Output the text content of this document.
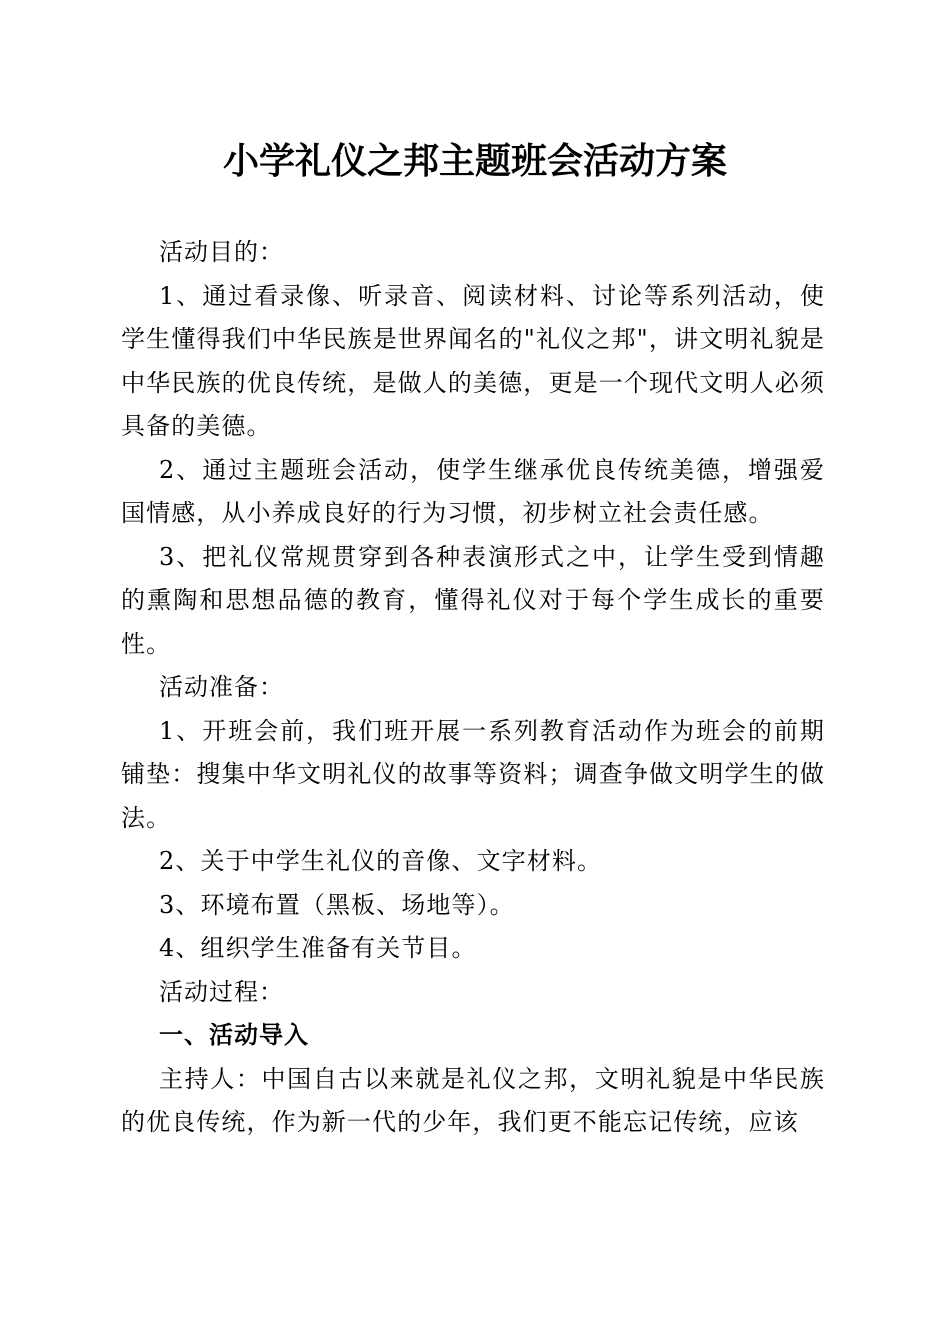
小学礼仪之邦主题班会活动方案

活动目的：

1、通过看录像、听录音、阅读材料、讨论等系列活动，使学生懂得我们中华民族是世界闻名的"礼仪之邦"，讲文明礼貌是中华民族的优良传统，是做人的美德，更是一个现代文明人必须具备的美德。

2、通过主题班会活动，使学生继承优良传统美德，增强爱国情感，从小养成良好的行为习惯，初步树立社会责任感。

3、把礼仪常规贯穿到各种表演形式之中，让学生受到情趣的熏陶和思想品德的教育，懂得礼仪对于每个学生成长的重要性。

活动准备：

1、开班会前，我们班开展一系列教育活动作为班会的前期铺垫：搜集中华文明礼仪的故事等资料；调查争做文明学生的做法。

2、关于中学生礼仪的音像、文字材料。

3、环境布置（黑板、场地等）。

4、组织学生准备有关节目。

活动过程：

一、活动导入

主持人：中国自古以来就是礼仪之邦，文明礼貌是中华民族的优良传统，作为新一代的少年，我们更不能忘记传统，应该
